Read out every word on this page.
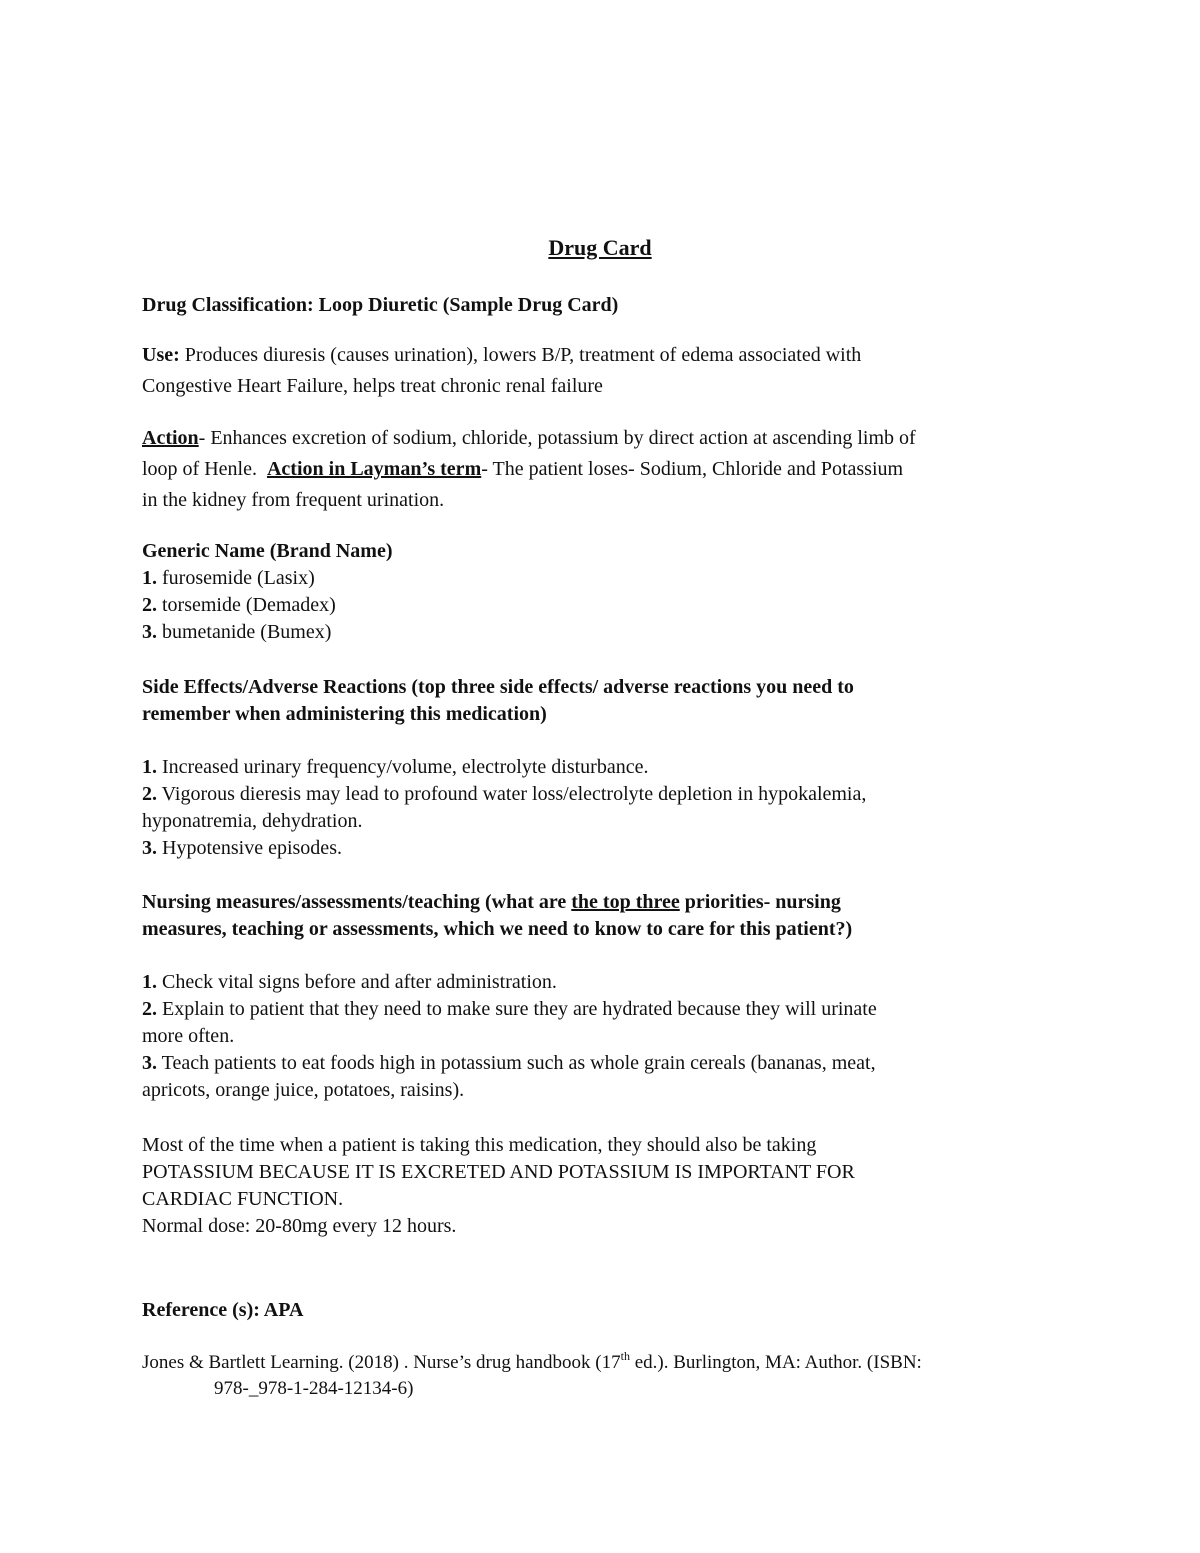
Drug Card
Drug Classification: Loop Diuretic (Sample Drug Card)
Use: Produces diuresis (causes urination), lowers B/P, treatment of edema associated with
Congestive Heart Failure, helps treat chronic renal failure
Action- Enhances excretion of sodium, chloride, potassium by direct action at ascending limb of
loop of Henle. Action in Layman’s term- The patient loses- Sodium, Chloride and Potassium
in the kidney from frequent urination.
Generic Name (Brand Name)
1. furosemide (Lasix)
2. torsemide (Demadex)
3. bumetanide (Bumex)
Side Effects/Adverse Reactions (top three side effects/ adverse reactions you need to
remember when administering this medication)
1. Increased urinary frequency/volume, electrolyte disturbance.
2. Vigorous dieresis may lead to profound water loss/electrolyte depletion in hypokalemia,
hyponatremia, dehydration.
3. Hypotensive episodes.
Nursing measures/assessments/teaching (what are the top three priorities- nursing
measures, teaching or assessments, which we need to know to care for this patient?)
1. Check vital signs before and after administration.
2. Explain to patient that they need to make sure they are hydrated because they will urinate
more often.
3. Teach patients to eat foods high in potassium such as whole grain cereals (bananas, meat,
apricots, orange juice, potatoes, raisins).
Most of the time when a patient is taking this medication, they should also be taking
POTASSIUM BECAUSE IT IS EXCRETED AND POTASSIUM IS IMPORTANT FOR
CARDIAC FUNCTION.
Normal dose: 20-80mg every 12 hours.
Reference (s): APA
Jones & Bartlett Learning. (2018) . Nurse’s drug handbook (17th ed.). Burlington, MA: Author. (ISBN:
978-_978-1-284-12134-6)
